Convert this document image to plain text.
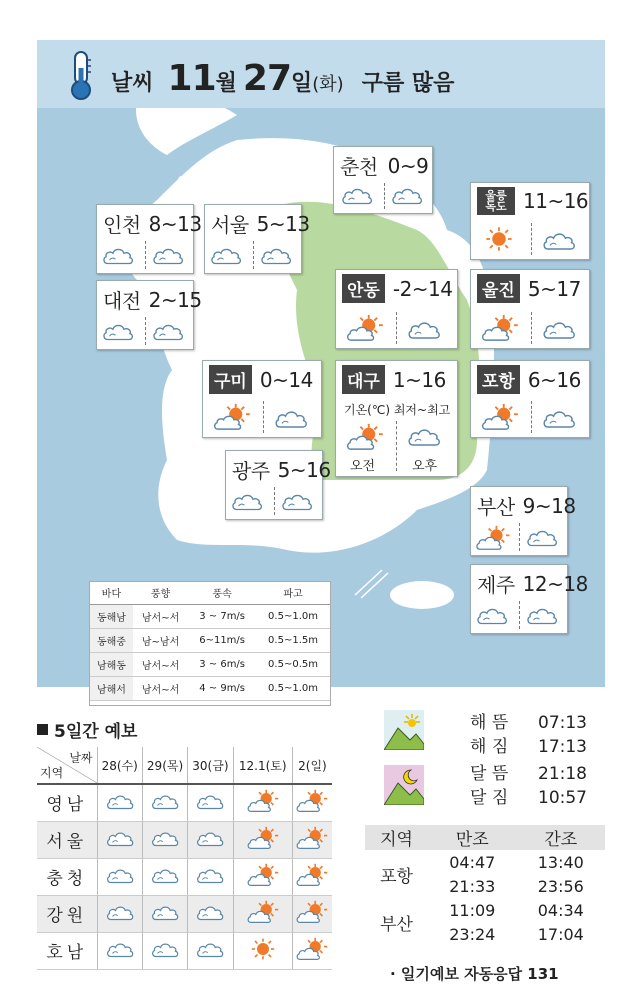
날씨 11 월 27 일 (화) 구름 많음
춘천 0~9
인천 8~13 서울 5~13
울릉 독도 11~16
대전 2~15	안동 -2~14 울진 5~17
구미 0~14 대구 1~16
기온(℃) 최저~최고
오전	오후
포항 6~16
광주 5~16
부산 9~18
제주 12~18
바다	풍향	풍속	파고
동해남	남서~서	3 ~ 7m/s	0.5~1.0m
동해중	남~남서	6~11m/s	0.5~1.5m
남해동	남서~서	3 ~ 6m/s	0.5~0.5m
남해서	남서~서	4 ~ 9m/s	0.5~1.0m
5일간 예보
날짜
지역	28(수)	29(목)	30(금)	12.1(토)	2(일)
영남					
서울					
충청					
강원					
호남					
해 뜸 07:13
해 짐 17:13
달 뜸 21:18
달 짐 10:57
지역	만조	간조
포항	04:47	13:40
	21:33	23:56
부산	11:09	04:34
	23:24	17:04
· 일기예보 자동응답 131
